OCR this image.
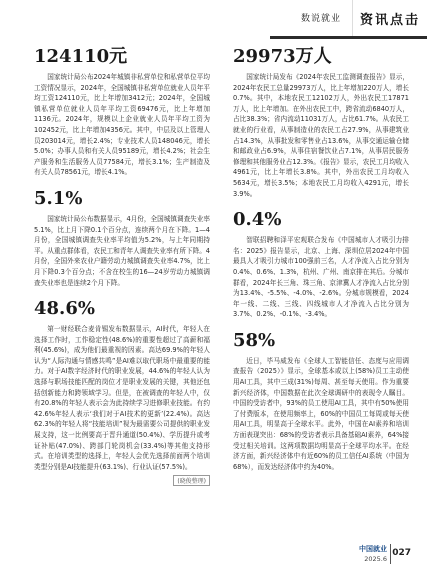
数说就业 资讯点击
124110元

国家统计局公布2024年城镇非私营单位和私营单位平均工资情况显示，2024年，全国城镇非私营单位就业人员年平均工资124110元，比上年增加3412元；2024年，全国城镇私营单位就业人员年平均工资69476元，比上年增加1136元。2024年，规模以上企业就业人员年平均工资为102452元，比上年增加4356元。其中，中层及以上管理人员203014元，增长2.4%；专业技术人员148046元，增长5.0%；办事人员和有关人员95189元，增长4.2%；社会生产服务和生活服务人员77584元，增长3.1%；生产制造及有关人员78561元，增长4.1%。

5.1%

国家统计局公布数据显示，4月份，全国城镇调查失业率5.1%，比上月下降0.1个百分点，连续两个月在下降。1—4月份，全国城镇调查失业率平均值为5.2%，与上年同期持平。从重点群体看，农民工和青年人调查失业率有所下降。4月份，全国外来农业户籍劳动力城镇调查失业率4.7%，比上月下降0.3个百分点；不含在校生的16—24岁劳动力城镇调查失业率也是连续2个月下降。

48.6%

第一财经联合麦肯锡发布数据显示，AI时代，年轻人在选择工作时，工作稳定性(48.6%)的重要性超过了高薪和福利(45.6%)，成为他们最重视的因素。高达69.9%的年轻人认为“人际沟通与情感共鸣”是AI难以取代职场中最重要的能力。对于AI数字经济时代的职业发展，44.6%的年轻人认为选择与职场技能匹配的岗位才是职业发展的关键，其他还包括创新能力和跨领域学习。但是，在被调查的年轻人中，仅有20.8%的年轻人表示会为此持续学习进修职业技能。有约42.6%年轻人表示‘我们对于AI技术的更新’(22.4%)。高达62.3%的年轻人将“技能培训”视为最需要公司提供的职业发展支持，这一比例要高于晋升通道(50.4%)、学历提升或考证补贴(47.0%)、跨部门轮岗机会(33.4%)等其他支持形式。在培训类型的选择上，年轻人会优先选择前面两个培训类型分别是AI技能提升(63.1%)、行业认证(57.5%)。

(晓俊整理)
29973万人

国家统计局发布《2024年农民工监测调查报告》显示，2024年农民工总量29973万人，比上年增加220万人，增长0.7%。其中，本地农民工12102万人，外出农民工17871万人，比上年增加。在外出农民工中，跨省流动6840万人，占比38.3%；省内流动11031万人，占比61.7%。从农民工就业的行业看，从事制造业的农民工占27.9%，从事建筑业占14.3%，从事批发和零售业占13.6%，从事交通运输仓储和邮政业占6.9%，从事住宿餐饮业占7.1%，从事居民服务修理和其他服务业占12.3%。《报告》显示，农民工月均收入4961元，比上年增长3.8%。其中，外出农民工月均收入5634元，增长3.5%；本地农民工月均收入4291元，增长3.9%。

0.4%

智联招聘和泽平宏观联合发布《中国城市人才吸引力排名：2025》报告显示，北京、上海、深圳位居2024年中国最具人才吸引力城市100强前三名，人才净流入占比分别为0.4%、0.6%、1.3%，杭州、广州、南京排在其后。分城市群看，2024年长三角、珠三角、京津冀人才净流入占比分别为13.4%、-5.5%、-4.0%、-2.6%。分城市规模看，2024年一线、二线、三线、四线城市人才净流入占比分别为3.7%、0.2%、-0.1%、-3.4%。

58%

近日，毕马威发布《全球人工智能信任、态度与应用调查报告（2025）》显示，全球基本或以上(58%)员工主动使用AI工具，其中三成(31%)每周、甚至每天使用。作为重要新兴经济体，中国数据在此次全球调研中的表现令人瞩目。中国的受访者中，93%的员工使用AI工具，其中有50%使用了付费版本，在使用频率上，60%的中国员工每周或每天使用AI工具，明显高于全球水平。此外，中国在AI素养和培训方面表现突出：68%的受访者表示具备基础AI素养，64%接受过相关培训。这两项数据均明显高于全球平均水平。在经济方面，新兴经济体中有近60%的员工信任AI系统（中国为68%），而发达经济体中约为40%。

中国就业
2025.6
027
